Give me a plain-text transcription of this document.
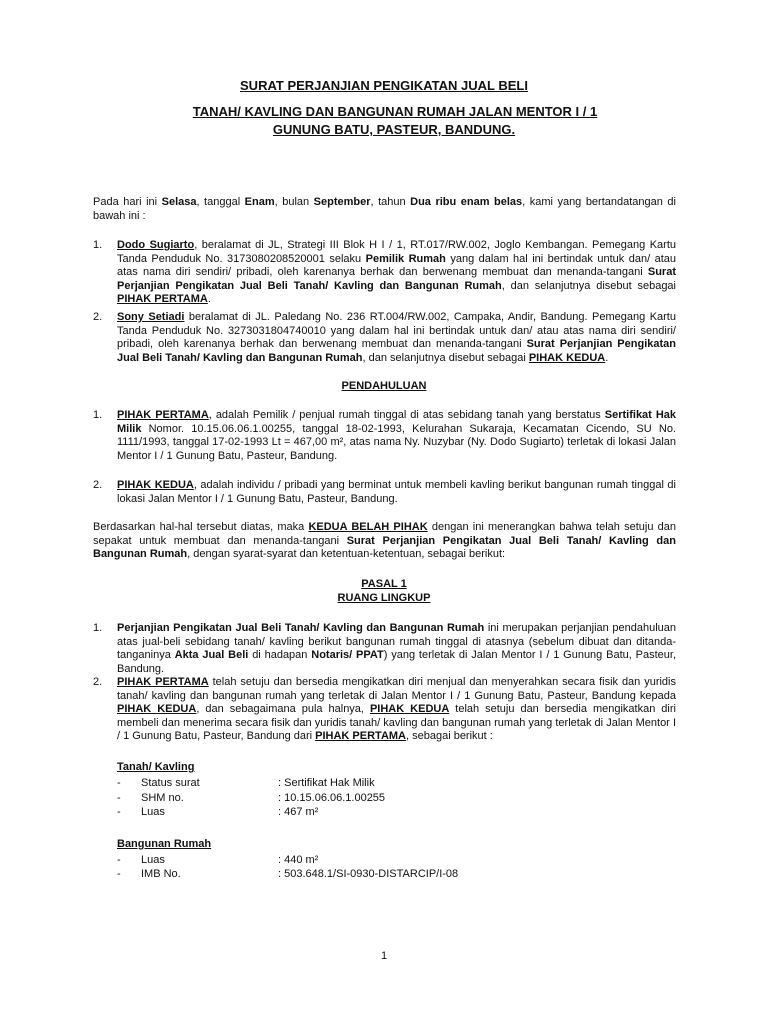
SURAT PERJANJIAN PENGIKATAN JUAL BELI
TANAH/ KAVLING DAN BANGUNAN RUMAH JALAN MENTOR I / 1
GUNUNG BATU, PASTEUR, BANDUNG.
Pada hari ini Selasa, tanggal Enam, bulan September, tahun Dua ribu enam belas, kami yang bertandatangan di bawah ini :
1. Dodo Sugiarto, beralamat di JL, Strategi III Blok H I / 1, RT.017/RW.002, Joglo Kembangan. Pemegang Kartu Tanda Penduduk No. 3173080208520001 selaku Pemilik Rumah yang dalam hal ini bertindak untuk dan/ atau atas nama diri sendiri/ pribadi, oleh karenanya berhak dan berwenang membuat dan menanda-tangani Surat Perjanjian Pengikatan Jual Beli Tanah/ Kavling dan Bangunan Rumah, dan selanjutnya disebut sebagai PIHAK PERTAMA.
2. Sony Setiadi beralamat di JL. Paledang No. 236 RT.004/RW.002, Campaka, Andir, Bandung. Pemegang Kartu Tanda Penduduk No. 3273031804740010 yang dalam hal ini bertindak untuk dan/ atau atas nama diri sendiri/ pribadi, oleh karenanya berhak dan berwenang membuat dan menanda-tangani Surat Perjanjian Pengikatan Jual Beli Tanah/ Kavling dan Bangunan Rumah, dan selanjutnya disebut sebagai PIHAK KEDUA.
PENDAHULUAN
1. PIHAK PERTAMA, adalah Pemilik / penjual rumah tinggal di atas sebidang tanah yang berstatus Sertifikat Hak Milik Nomor. 10.15.06.06.1.00255, tanggal 18-02-1993, Kelurahan Sukaraja, Kecamatan Cicendo, SU No. 1111/1993, tanggal 17-02-1993 Lt = 467,00 m², atas nama Ny. Nuzybar (Ny. Dodo Sugiarto) terletak di lokasi Jalan Mentor I / 1 Gunung Batu, Pasteur, Bandung.
2. PIHAK KEDUA, adalah individu / pribadi yang berminat untuk membeli kavling berikut bangunan rumah tinggal di lokasi Jalan Mentor I / 1 Gunung Batu, Pasteur, Bandung.
Berdasarkan hal-hal tersebut diatas, maka KEDUA BELAH PIHAK dengan ini menerangkan bahwa telah setuju dan sepakat untuk membuat dan menanda-tangani Surat Perjanjian Pengikatan Jual Beli Tanah/ Kavling dan Bangunan Rumah, dengan syarat-syarat dan ketentuan-ketentuan, sebagai berikut:
PASAL 1
RUANG LINGKUP
1. Perjanjian Pengikatan Jual Beli Tanah/ Kavling dan Bangunan Rumah ini merupakan perjanjian pendahuluan atas jual-beli sebidang tanah/ kavling berikut bangunan rumah tinggal di atasnya (sebelum dibuat dan ditanda-tanganinya Akta Jual Beli di hadapan Notaris/ PPAT) yang terletak di Jalan Mentor I / 1 Gunung Batu, Pasteur, Bandung.
2. PIHAK PERTAMA telah setuju dan bersedia mengikatkan diri menjual dan menyerahkan secara fisik dan yuridis tanah/ kavling dan bangunan rumah yang terletak di Jalan Mentor I / 1 Gunung Batu, Pasteur, Bandung kepada PIHAK KEDUA, dan sebagaimana pula halnya, PIHAK KEDUA telah setuju dan bersedia mengikatkan diri membeli dan menerima secara fisik dan yuridis tanah/ kavling dan bangunan rumah yang terletak di Jalan Mentor I / 1 Gunung Batu, Pasteur, Bandung dari PIHAK PERTAMA, sebagai berikut :
Tanah/ Kavling
- Status surat	: Sertifikat Hak Milik
- SHM no.	: 10.15.06.06.1.00255
- Luas	: 467 m²
Bangunan Rumah
- Luas	: 440 m²
- IMB No.	: 503.648.1/SI-0930-DISTARCIP/I-08
1
